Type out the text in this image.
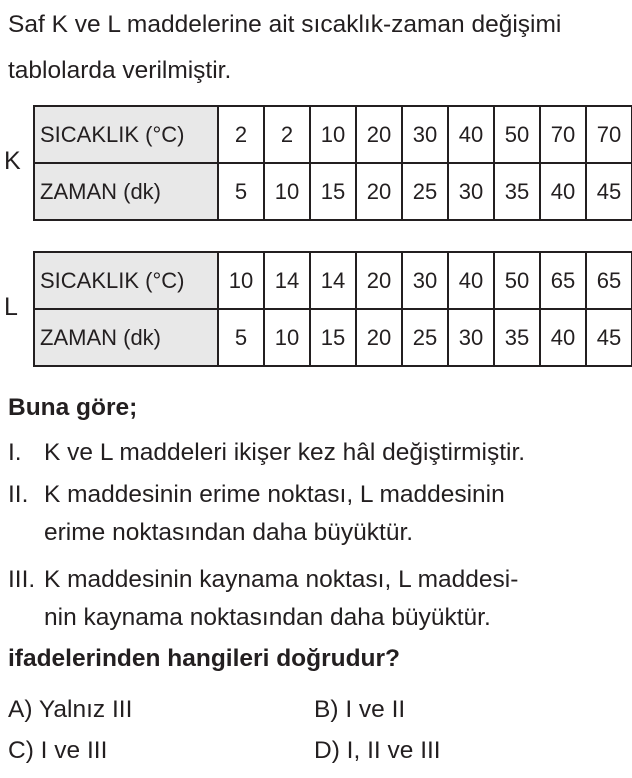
Saf K ve L maddelerine ait sıcaklık-zaman değişimi tablolarda verilmiştir.

K
SICAKLIK (°C)	2	2	10	20	30	40	50	70	70
ZAMAN (dk)	5	10	15	20	25	30	35	40	45
L
SICAKLIK (°C)	10	14	14	20	30	40	50	65	65
ZAMAN (dk)	5	10	15	20	25	30	35	40	45
Buna göre;
I. K ve L maddeleri ikişer kez hâl değiştirmiştir.
II. K maddesinin erime noktası, L maddesinin
erime noktasından daha büyüktür.
III. K maddesinin kaynama noktası, L maddesi-
nin kaynama noktasından daha büyüktür.
ifadelerinden hangileri doğrudur?
A) Yalnız III	B) I ve II
C) I ve III	D) I, II ve III
